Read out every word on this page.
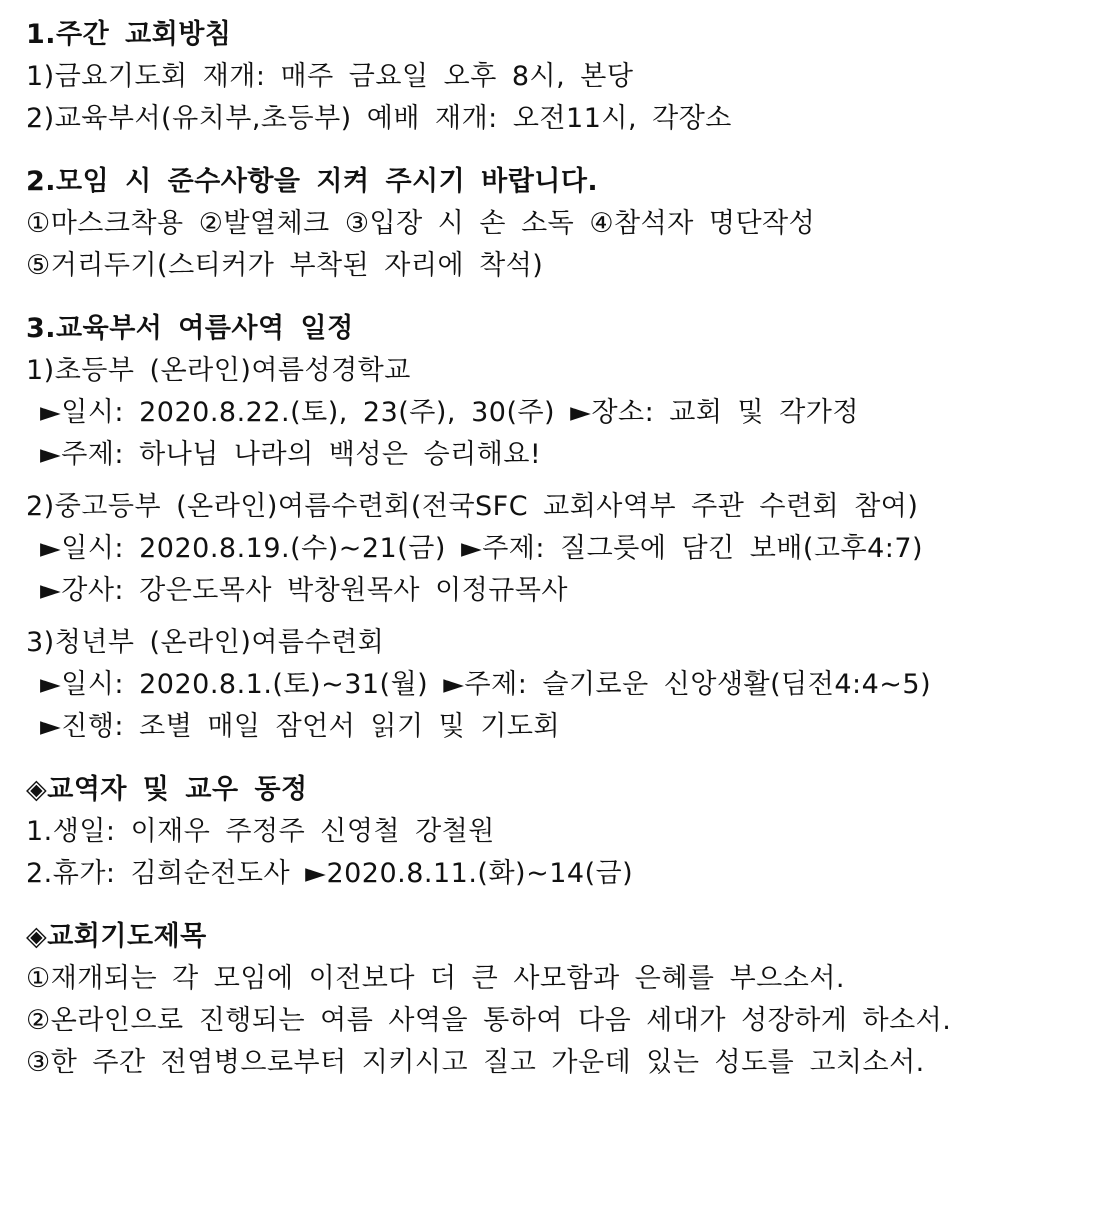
1.주간 교회방침
1)금요기도회 재개: 매주 금요일 오후 8시, 본당
2)교육부서(유치부,초등부) 예배 재개: 오전11시, 각장소
2.모임 시 준수사항을 지켜 주시기 바랍니다.
①마스크착용 ②발열체크 ③입장 시 손 소독 ④참석자 명단작성
⑤거리두기(스티커가 부착된 자리에 착석)
3.교육부서 여름사역 일정
1)초등부 (온라인)여름성경학교
►일시: 2020.8.22.(토), 23(주), 30(주) ►장소: 교회 및 각가정
►주제: 하나님 나라의 백성은 승리해요!
2)중고등부 (온라인)여름수련회(전국SFC 교회사역부 주관 수련회 참여)
►일시: 2020.8.19.(수)~21(금) ►주제: 질그릇에 담긴 보배(고후4:7)
►강사: 강은도목사 박창원목사 이정규목사
3)청년부 (온라인)여름수련회
►일시: 2020.8.1.(토)~31(월) ►주제: 슬기로운 신앙생활(딤전4:4~5)
►진행: 조별 매일 잠언서 읽기 및 기도회
◈교역자 및 교우 동정
1.생일: 이재우 주정주 신영철 강철원
2.휴가: 김희순전도사 ►2020.8.11.(화)~14(금)
◈교회기도제목
①재개되는 각 모임에 이전보다 더 큰 사모함과 은혜를 부으소서.
②온라인으로 진행되는 여름 사역을 통하여 다음 세대가 성장하게 하소서.
③한 주간 전염병으로부터 지키시고 질고 가운데 있는 성도를 고치소서.
